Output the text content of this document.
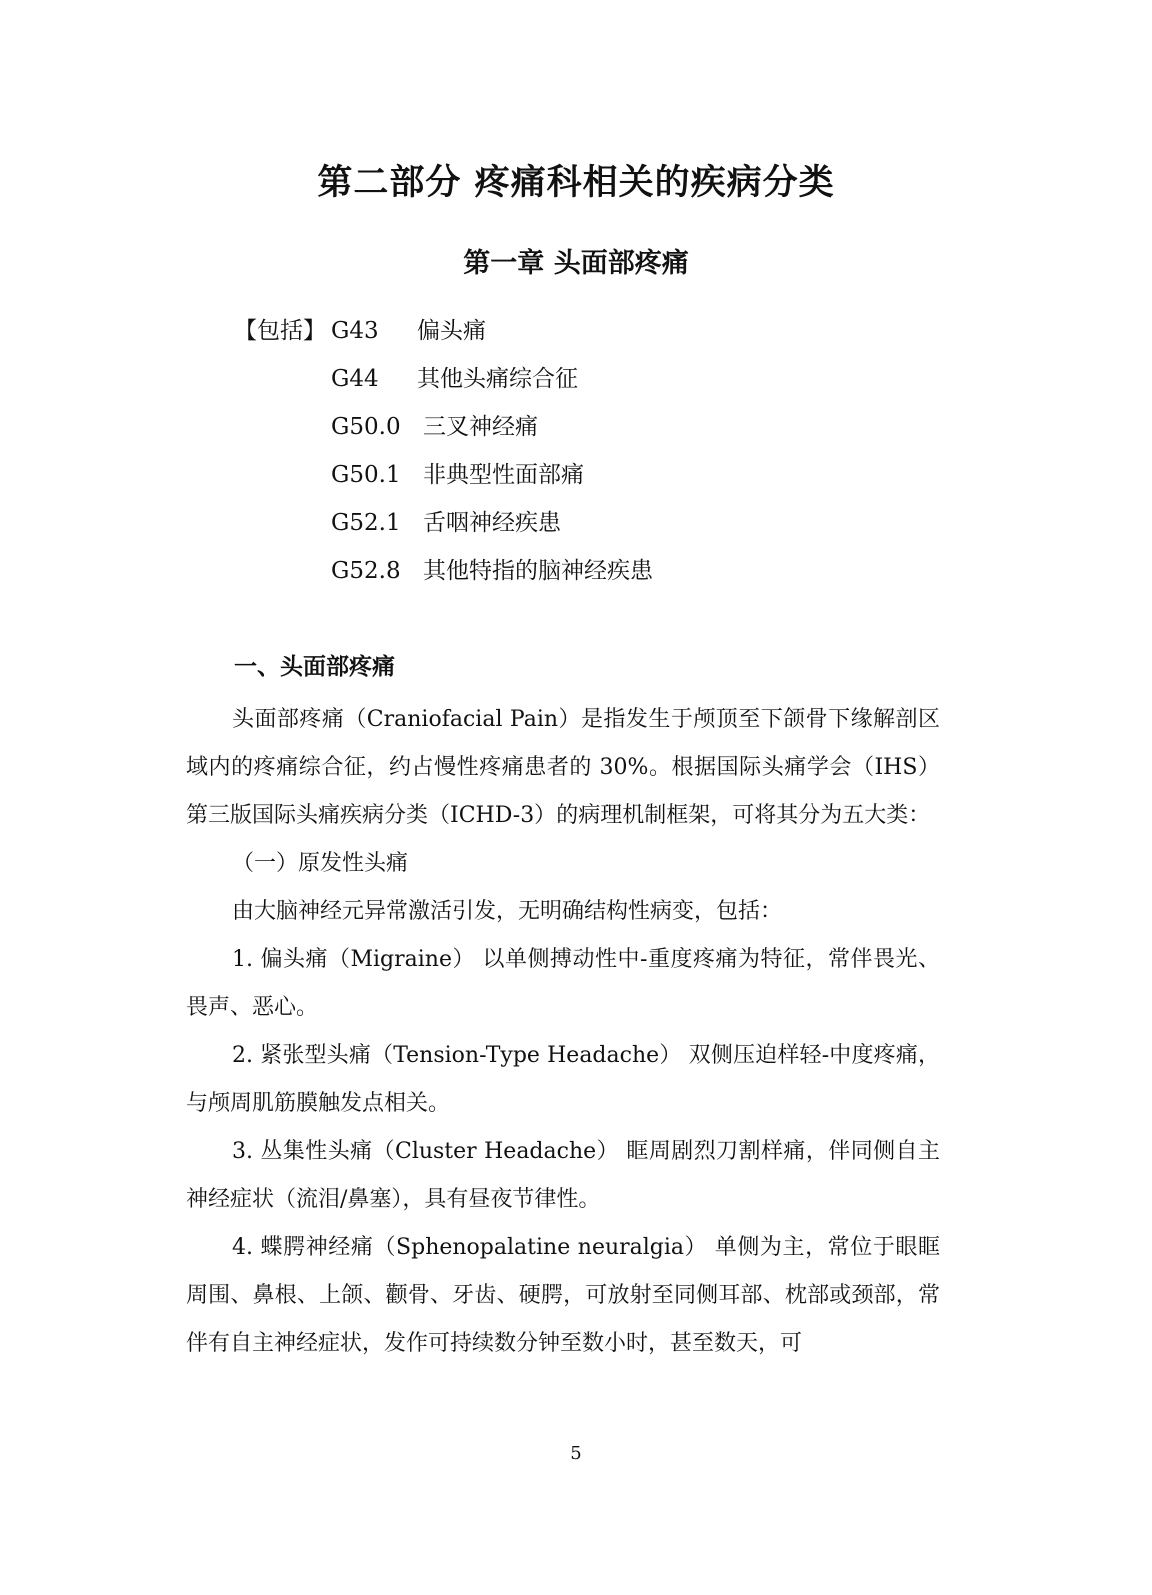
第二部分 疼痛科相关的疾病分类
第一章 头面部疼痛
【包括】 G43 偏头痛
G44 其他头痛综合征
G50.0 三叉神经痛
G50.1 非典型性面部痛
G52.1 舌咽神经疾患
G52.8 其他特指的脑神经疾患
一、头面部疼痛

头面部疼痛（Craniofacial Pain）是指发生于颅顶至下颌骨下缘解剖区域内的疼痛综合征，约占慢性疼痛患者的 30%。根据国际头痛学会（IHS）第三版国际头痛疾病分类（ICHD-3）的病理机制框架，可将其分为五大类：

（一）原发性头痛

由大脑神经元异常激活引发，无明确结构性病变，包括：

1. 偏头痛（Migraine） 以单侧搏动性中-重度疼痛为特征，常伴畏光、畏声、恶心。

2. 紧张型头痛（Tension-Type Headache） 双侧压迫样轻-中度疼痛，与颅周肌筋膜触发点相关。

3. 丛集性头痛（Cluster Headache） 眶周剧烈刀割样痛，伴同侧自主神经症状（流泪/鼻塞），具有昼夜节律性。

4. 蝶腭神经痛（Sphenopalatine neuralgia） 单侧为主，常位于眼眶周围、鼻根、上颌、颧骨、牙齿、硬腭，可放射至同侧耳部、枕部或颈部，常伴有自主神经症状，发作可持续数分钟至数小时，甚至数天，可

5
